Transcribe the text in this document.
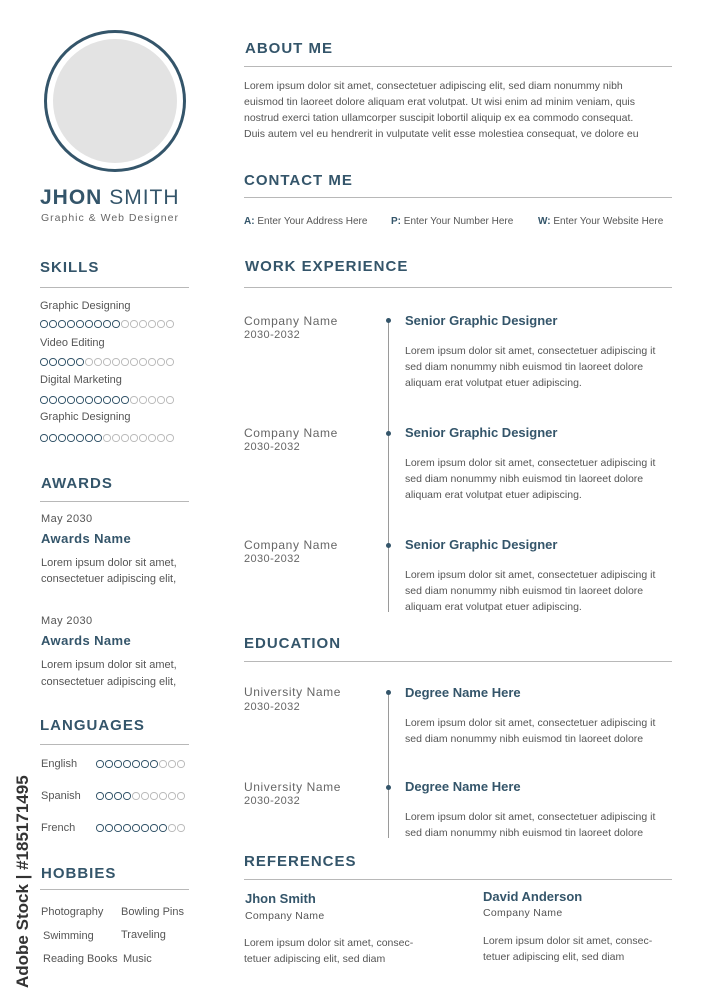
JHON SMITH
Graphic & Web Designer
SKILLS
Graphic Designing
Video Editing
Digital Marketing
Graphic Designing
AWARDS
May 2030
Awards Name
Lorem ipsum dolor sit amet,
consectetuer adipiscing elit,
May 2030
Awards Name
Lorem ipsum dolor sit amet,
consectetuer adipiscing elit,
LANGUAGES
English
Spanish
French
HOBBIES
Photography Bowling Pins
Swimming Traveling
Reading Books Music
Adobe Stock | #185171495
ABOUT ME
Lorem ipsum dolor sit amet, consectetuer adipiscing elit, sed diam nonummy nibh
euismod tin laoreet dolore aliquam erat volutpat. Ut wisi enim ad minim veniam, quis
nostrud exerci tation ullamcorper suscipit lobortil aliquip ex ea commodo consequat.
Duis autem vel eu hendrerit in vulputate velit esse molestiea consequat, ve dolore eu
CONTACT ME
A: Enter Your Address Here P: Enter Your Number Here W: Enter Your Website Here
WORK EXPERIENCE
Company Name
2030-2032
Senior Graphic Designer
Lorem ipsum dolor sit amet, consectetuer adipiscing it
sed diam nonummy nibh euismod tin laoreet dolore
aliquam erat volutpat etuer adipiscing.
Company Name
2030-2032
Senior Graphic Designer
Lorem ipsum dolor sit amet, consectetuer adipiscing it
sed diam nonummy nibh euismod tin laoreet dolore
aliquam erat volutpat etuer adipiscing.
Company Name
2030-2032
Senior Graphic Designer
Lorem ipsum dolor sit amet, consectetuer adipiscing it
sed diam nonummy nibh euismod tin laoreet dolore
aliquam erat volutpat etuer adipiscing.
EDUCATION
University Name
2030-2032
Degree Name Here
Lorem ipsum dolor sit amet, consectetuer adipiscing it
sed diam nonummy nibh euismod tin laoreet dolore
University Name
2030-2032
Degree Name Here
Lorem ipsum dolor sit amet, consectetuer adipiscing it
sed diam nonummy nibh euismod tin laoreet dolore
REFERENCES
Jhon Smith
Company Name
Lorem ipsum dolor sit amet, consec-
tetuer adipiscing elit, sed diam
David Anderson
Company Name
Lorem ipsum dolor sit amet, consec-
tetuer adipiscing elit, sed diam
